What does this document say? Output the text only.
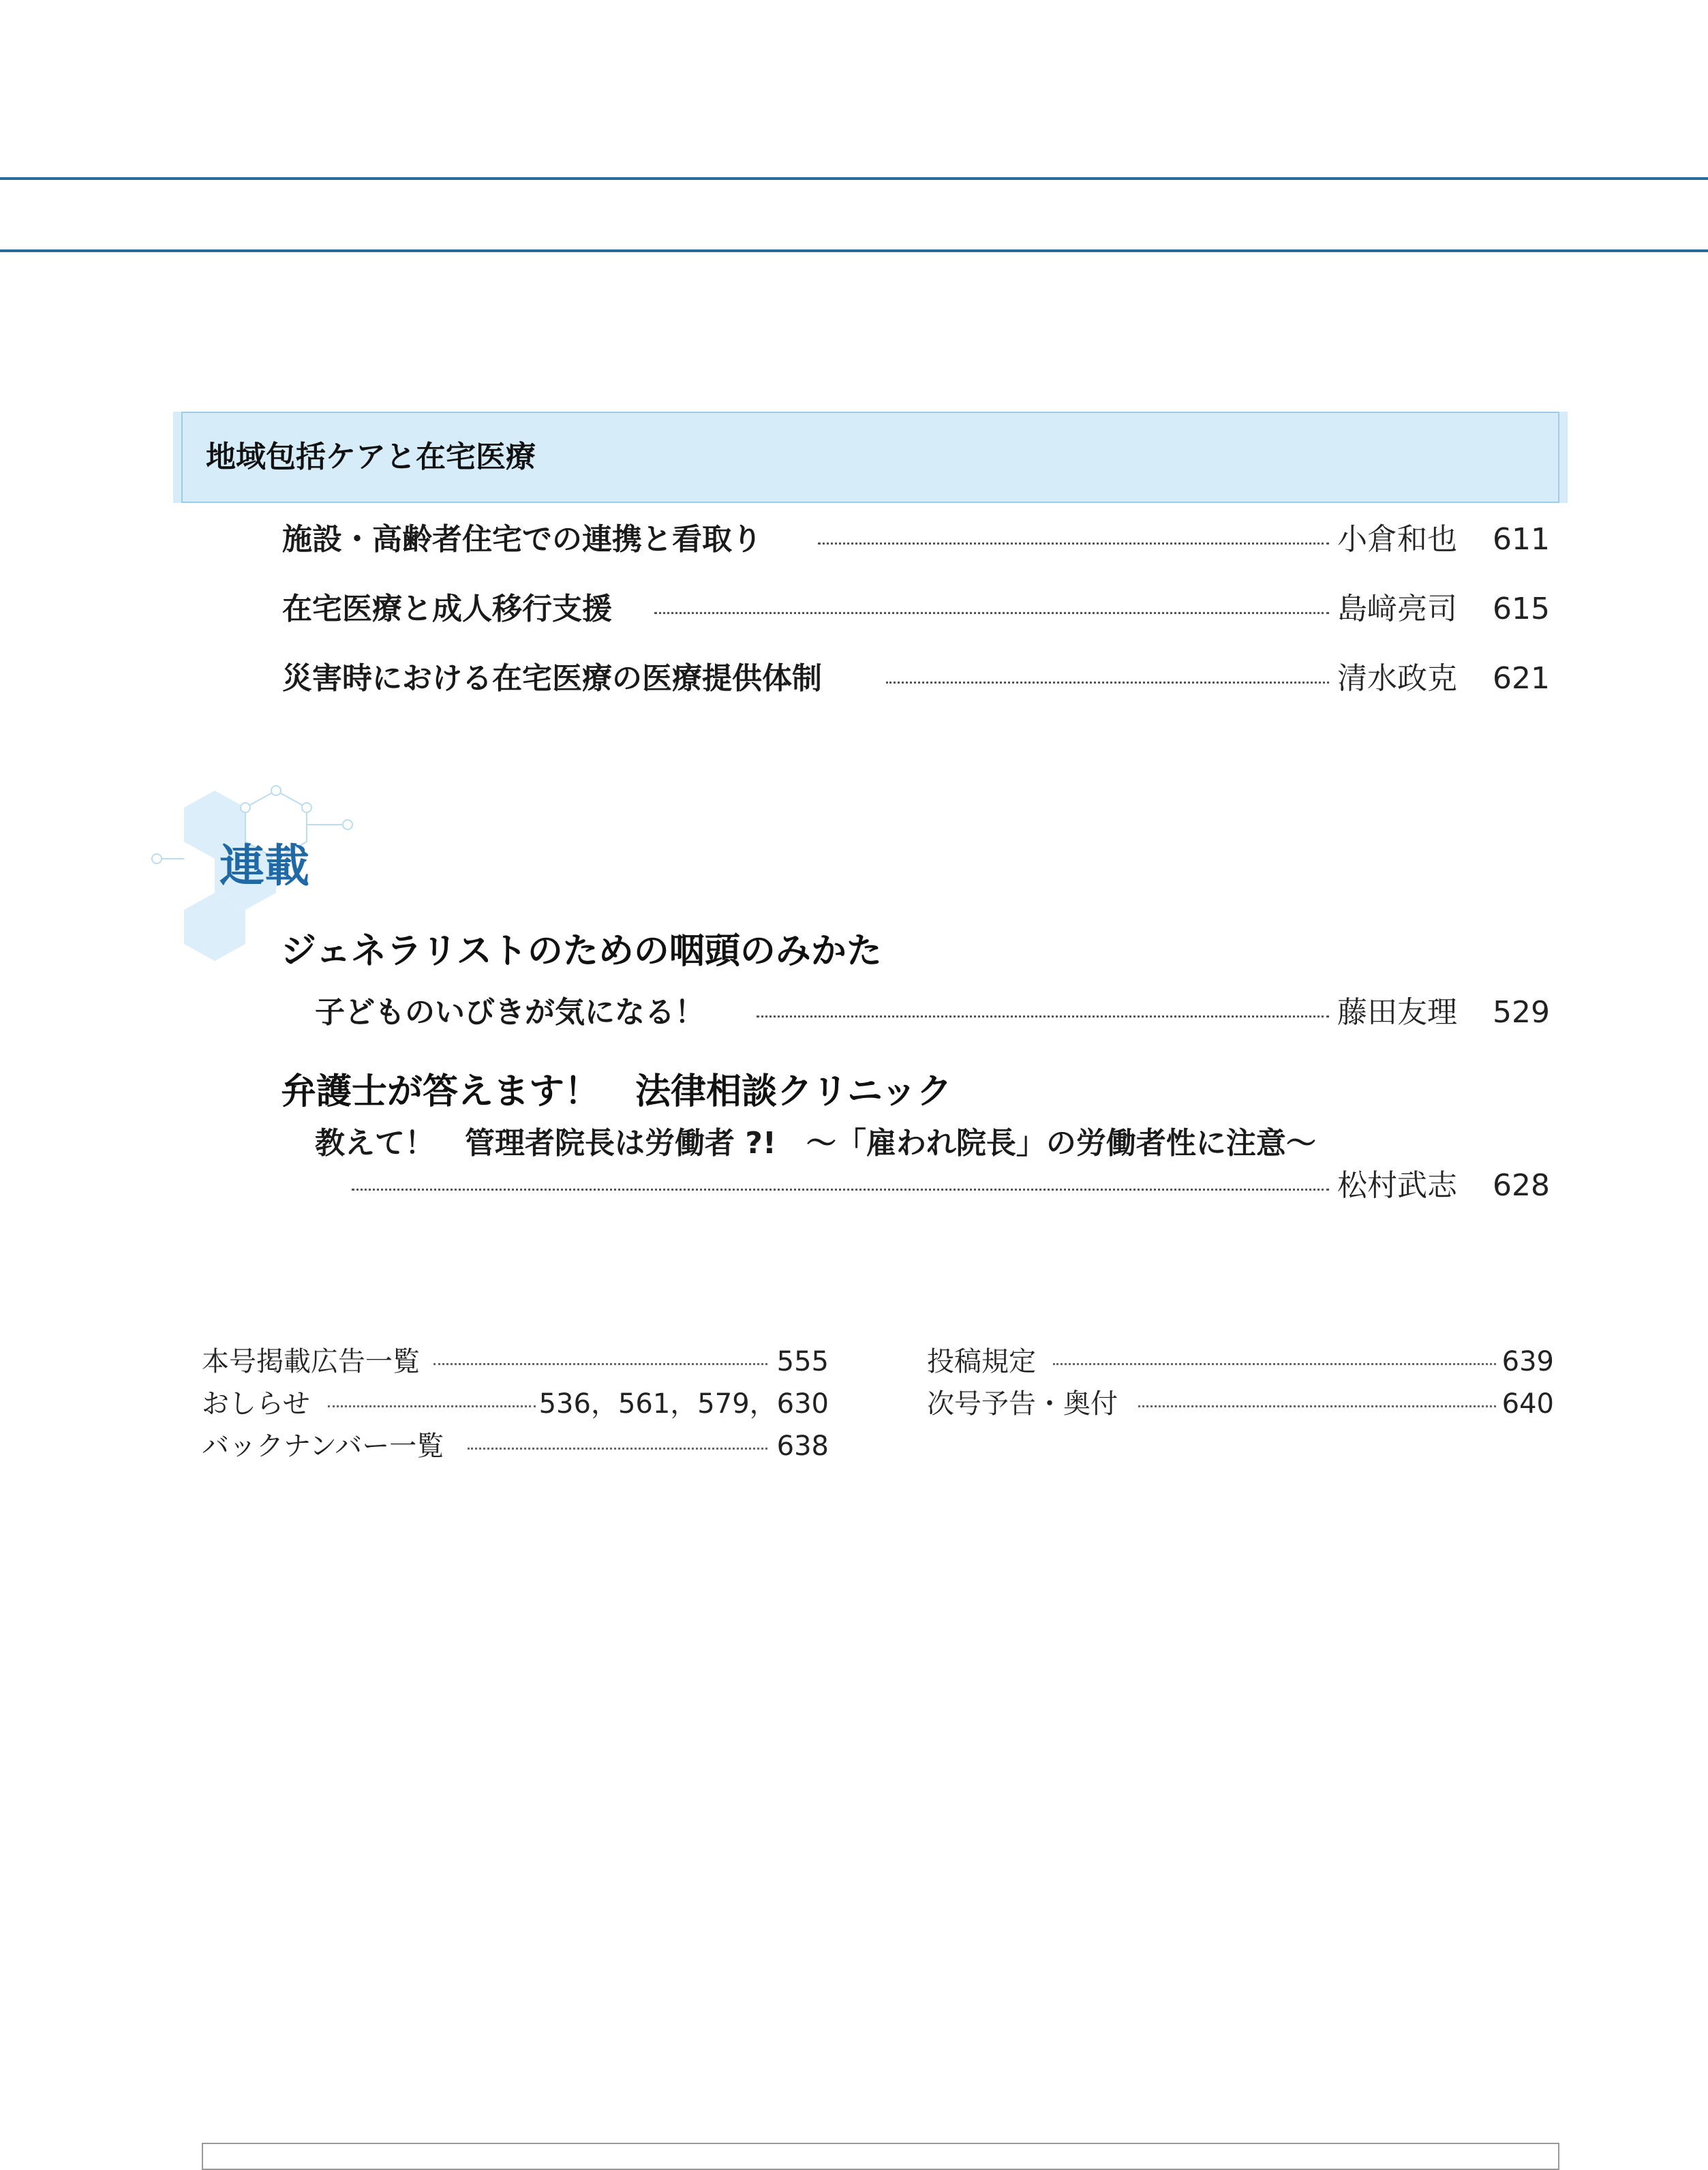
地域包括ケアと在宅医療
施設・高齢者住宅での連携と看取り	小倉和也	611
在宅医療と成人移行支援	島﨑亮司	615
災害時における在宅医療の医療提供体制	清水政克	621
連載
ジェネラリストのための咽頭のみかた
子どものいびきが気になる！	藤田友理	529
弁護士が答えます！　法律相談クリニック
教えて！　管理者院長は労働者 ?!　～「雇われ院長」の労働者性に注意～
松村武志	628
本号掲載広告一覧	555
おしらせ	536，561，579，630
バックナンバー一覧	638
投稿規定	639
次号予告・奥付	640
